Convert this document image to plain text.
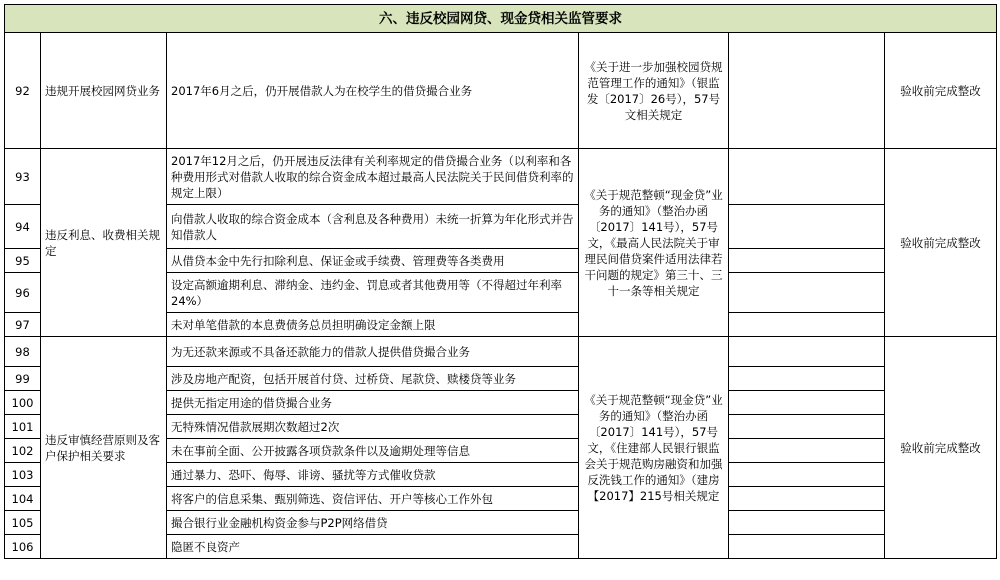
六、违反校园网贷、现金贷相关监管要求					
92	违规开展校园网贷业务	2017年6月之后，仍开展借款人为在校学生的借贷撮合业务	《关于进一步加强校园贷规范管理工作的通知》（银监发〔2017〕26号），57号文相关规定		验收前完成整改
93	违反利息、收费相关规定	2017年12月之后，仍开展违反法律有关利率规定的借贷撮合业务（以利率和各种费用形式对借款人收取的综合资金成本超过最高人民法院关于民间借贷利率的规定上限）	《关于规范整顿“现金贷”业务的通知》（整治办函〔2017〕141号），57号文，《最高人民法院关于审理民间借贷案件适用法律若干问题的规定》第三十、三十一条等相关规定		验收前完成整改
94		向借款人收取的综合资金成本（含利息及各种费用）未统一折算为年化形式并告知借款人			
95		从借贷本金中先行扣除利息、保证金或手续费、管理费等各类费用			
96		设定高额逾期利息、滞纳金、违约金、罚息或者其他费用等（不得超过年利率24%）			
97		未对单笔借款的本息费债务总员担明确设定金额上限			
98	违反审慎经营原则及客户保护相关要求	为无还款来源或不具备还款能力的借款人提供借贷撮合业务	《关于规范整顿“现金贷”业务的通知》（整治办函〔2017〕141号），57号文，《住建部人民银行银监会关于规范购房融资和加强反洗钱工作的通知》（建房【2017】215号相关规定		验收前完成整改
99		涉及房地产配资，包括开展首付贷、过桥贷、尾款贷、赎楼贷等业务			
100		提供无指定用途的借贷撮合业务			
101		无特殊情况借款展期次数超过2次			
102		未在事前全面、公开披露各项贷款条件以及逾期处理等信息			
103		通过暴力、恐吓、侮辱、诽谤、骚扰等方式催收贷款			
104		将客户的信息采集、甄别筛选、资信评估、开户等核心工作外包			
105		撮合银行业金融机构资金参与P2P网络借贷			
106		隐匿不良资产			
